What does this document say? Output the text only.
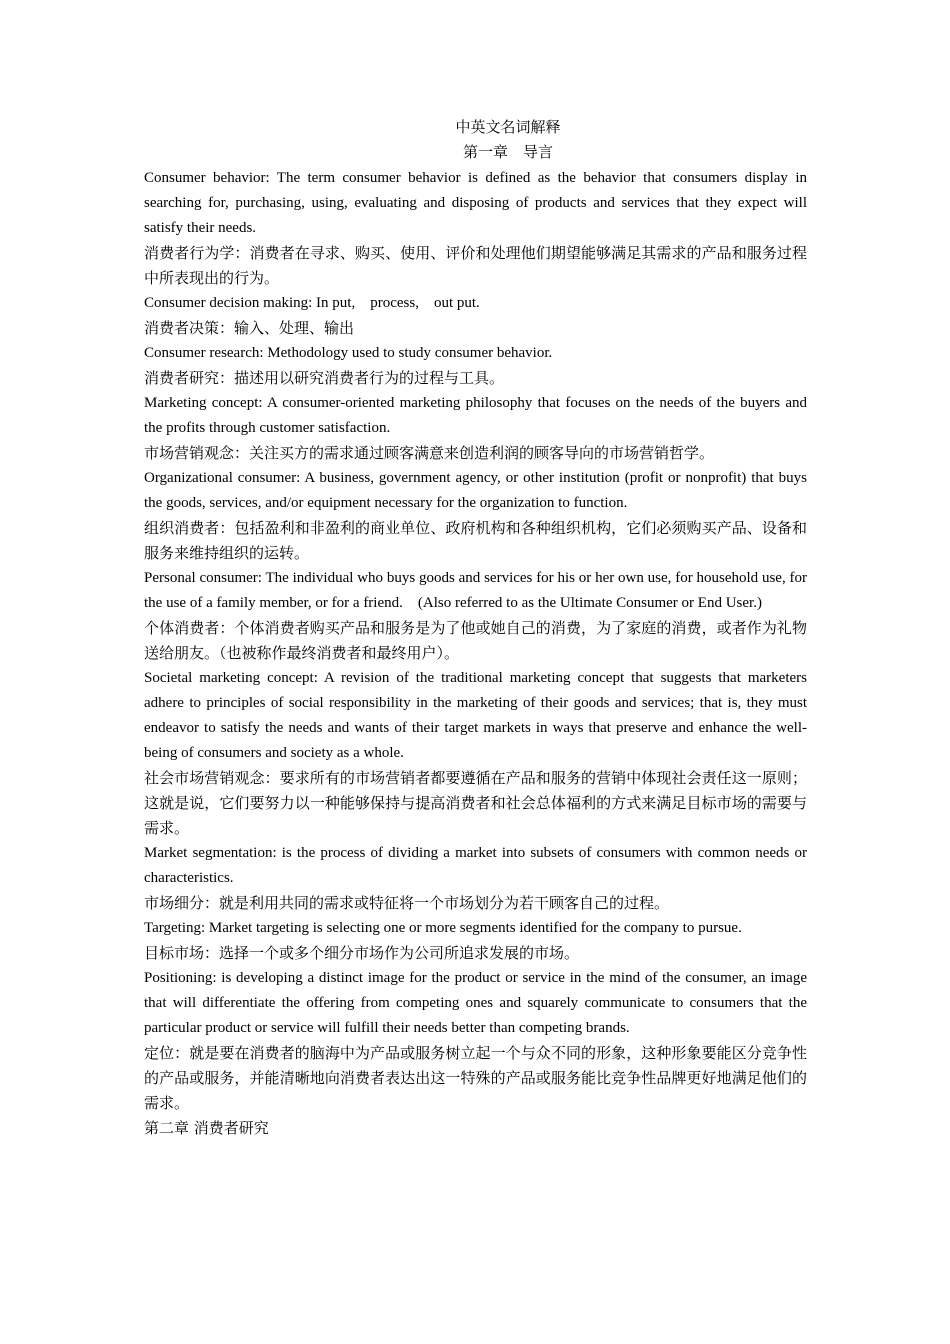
中英文名词解释
第一章　导言

Consumer behavior: The term consumer behavior is defined as the behavior that consumers display in searching for, purchasing, using, evaluating and disposing of products and services that they expect will satisfy their needs.

消费者行为学：消费者在寻求、购买、使用、评价和处理他们期望能够满足其需求的产品和服务过程中所表现出的行为。

Consumer decision making: In put,　process,　out put.

消费者决策：输入、处理、输出

Consumer research: Methodology used to study consumer behavior.

消费者研究：描述用以研究消费者行为的过程与工具。

Marketing concept: A consumer-oriented marketing philosophy that focuses on the needs of the buyers and the profits through customer satisfaction.

市场营销观念：关注买方的需求通过顾客满意来创造利润的顾客导向的市场营销哲学。

Organizational consumer: A business, government agency, or other institution (profit or nonprofit) that buys the goods, services, and/or equipment necessary for the organization to function.

组织消费者：包括盈利和非盈利的商业单位、政府机构和各种组织机构，它们必须购买产品、设备和服务来维持组织的运转。

Personal consumer: The individual who buys goods and services for his or her own use, for household use, for the use of a family member, or for a friend.　(Also referred to as the Ultimate Consumer or End User.)

个体消费者：个体消费者购买产品和服务是为了他或她自己的消费，为了家庭的消费，或者作为礼物送给朋友。（也被称作最终消费者和最终用户）。

Societal marketing concept: A revision of the traditional marketing concept that suggests that marketers adhere to principles of social responsibility in the marketing of their goods and services; that is, they must endeavor to satisfy the needs and wants of their target markets in ways that preserve and enhance the well-being of consumers and society as a whole.

社会市场营销观念：要求所有的市场营销者都要遵循在产品和服务的营销中体现社会责任这一原则；这就是说，它们要努力以一种能够保持与提高消费者和社会总体福利的方式来满足目标市场的需要与需求。

Market segmentation: is the process of dividing a market into subsets of consumers with common needs or characteristics.

市场细分：就是利用共同的需求或特征将一个市场划分为若干顾客自己的过程。

Targeting: Market targeting is selecting one or more segments identified for the company to pursue.

目标市场：选择一个或多个细分市场作为公司所追求发展的市场。

Positioning: is developing a distinct image for the product or service in the mind of the consumer, an image that will differentiate the offering from competing ones and squarely communicate to consumers that the particular product or service will fulfill their needs better than competing brands.

定位：就是要在消费者的脑海中为产品或服务树立起一个与众不同的形象，这种形象要能区分竞争性的产品或服务，并能清晰地向消费者表达出这一特殊的产品或服务能比竞争性品牌更好地满足他们的需求。

第二章 消费者研究
